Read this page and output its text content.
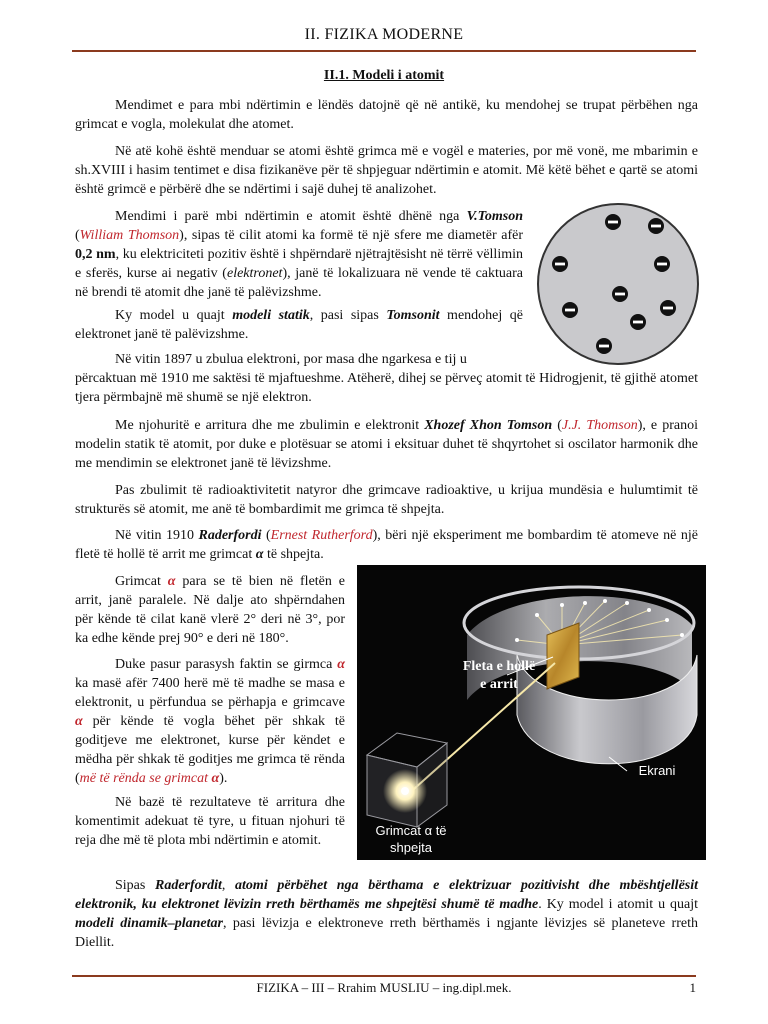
II. FIZIKA MODERNE
II.1. Modeli i atomit

Mendimet e para mbi ndërtimin e lëndës datojnë që në antikë, ku mendohej se trupat përbëhen nga grimcat e vogla, molekulat dhe atomet.

Në atë kohë është menduar se atomi është grimca më e vogël e materies, por më vonë, me mbarimin e sh.XVIII i hasim tentimet e disa fizikanëve për të shpjeguar ndërtimin e atomit. Më këtë bëhet e qartë se atomi është grimcë e përbërë dhe se ndërtimi i sajë duhej të analizohet.

Mendimi i parë mbi ndërtimin e atomit është dhënë nga V.Tomson (William Thomson), sipas të cilit atomi ka formë të një sfere me diametër afër 0,2 nm, ku elektriciteti pozitiv është i shpërndarë njëtrajtësisht në tërrë vëllimin e sferës, kurse ai negativ (elektronet), janë të lokalizuara në vende të caktuara në brendi të atomit dhe janë të palëvizshme.

Ky model u quajt modeli statik, pasi sipas Tomsonit mendohej që elektronet janë të palëvizshme.

Në vitin 1897 u zbulua elektroni, por masa dhe ngarkesa e tij u

përcaktuan më 1910 me saktësi të mjaftueshme. Atëherë, dihej se përveç atomit të Hidrogjenit, të gjithë atomet tjera përmbajnë më shumë se një elektron.

Me njohuritë e arritura dhe me zbulimin e elektronit Xhozef Xhon Tomson (J.J. Thomson), e pranoi modelin statik të atomit, por duke e plotësuar se atomi i eksituar duhet të shqyrtohet si oscilator harmonik dhe me mendimin se elektronet janë të lëvizshme.

Pas zbulimit të radioaktivitetit natyror dhe grimcave radioaktive, u krijua mundësia e hulumtimit të strukturës së atomit, me anë të bombardimit me grimca të shpejta.

Në vitin 1910 Raderfordi (Ernest Rutherford), bëri një eksperiment me bombardim të atomeve në një fletë të hollë të arrit me grimcat α të shpejta.

Grimcat α para se të bien në fletën e arrit, janë paralele. Në dalje ato shpërndahen për kënde të cilat kanë vlerë 2° deri në 3°, por ka edhe kënde prej 90° e deri në 180°.

Duke pasur parasysh faktin se girmca α ka masë afër 7400 herë më të madhe se masa e elektronit, u përfundua se përhapja e grimcave α për kënde të vogla bëhet për shkak të goditjeve me elektronet, kurse për këndet e mëdha për shkak të goditjes me grimca të rënda (më të rënda se grimcat α).

Në bazë të rezultateve të arritura dhe komentimit adekuat të tyre, u fituan njohuri të reja dhe më të plota mbi ndërtimin e atomit.

Sipas Raderfordit, atomi përbëhet nga bërthama e elektrizuar pozitivisht dhe mbështjellësit elektronik, ku elektronet lëvizin rreth bërthamës me shpejtësi shumë të madhe. Ky model i atomit u quajt modeli dinamik–planetar, pasi lëvizja e elektroneve rreth bërthamës i ngjante lëvizjes së planeteve rreth Diellit.

Fleta e hollë
e arrit
Ekrani
Grimcat α të
shpejta
FIZIKA – III – Rrahim MUSLIU – ing.dipl.mek.	1
